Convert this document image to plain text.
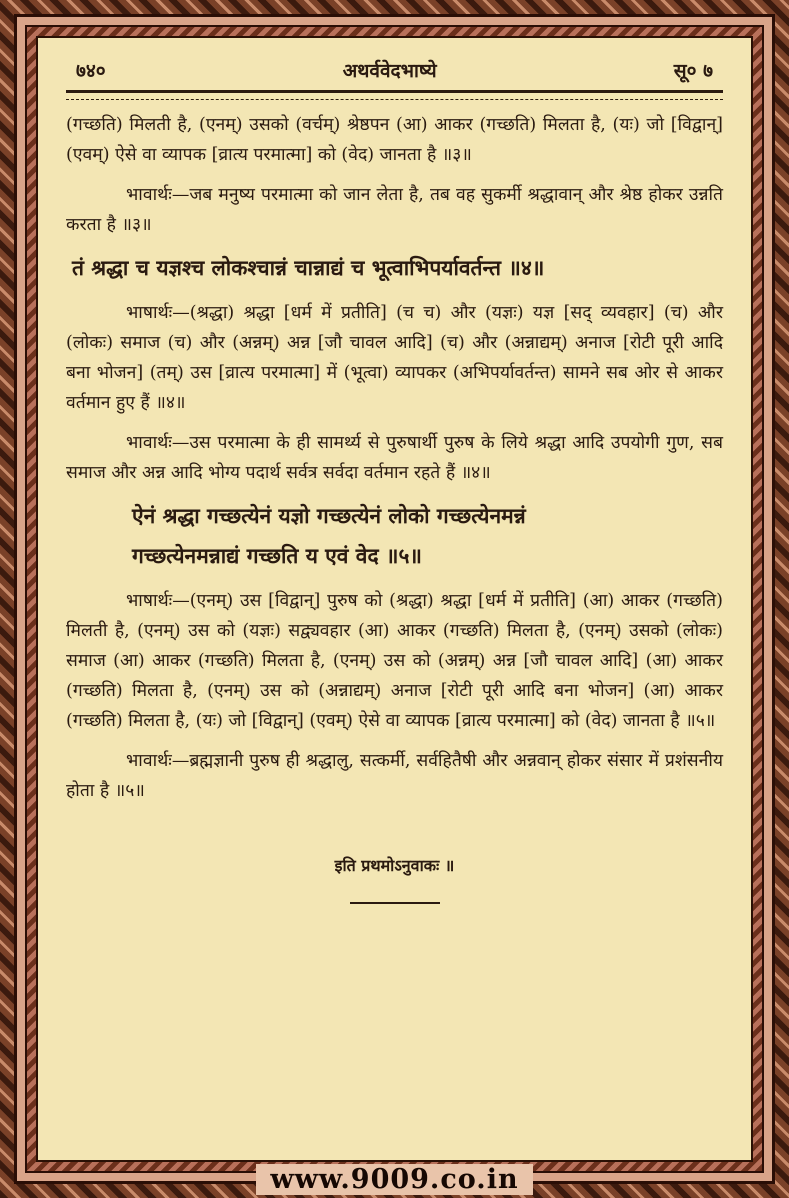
७४०	अथर्ववेदभाष्ये	सू० ७

(गच्छति) मिलती है, (एनम्) उसको (वर्चम्) श्रेष्ठपन (आ) आकर (गच्छति) मिलता है, (यः) जो [विद्वान्] (एवम्) ऐसे वा व्यापक [व्रात्य परमात्मा] को (वेद) जानता है ॥३॥

भावार्थः—जब मनुष्य परमात्मा को जान लेता है, तब वह सुकर्मी श्रद्धावान् और श्रेष्ठ होकर उन्नति करता है ॥३॥

तं श्रद्धा च यज्ञश्च लोकश्चान्नं चान्नाद्यं च भूत्वाभिपर्यावर्तन्त ॥४॥

भाषार्थः—(श्रद्धा) श्रद्धा [धर्म में प्रतीति] (च च) और (यज्ञः) यज्ञ [सद् व्यवहार] (च) और (लोकः) समाज (च) और (अन्नम्) अन्न [जौ चावल आदि] (च) और (अन्नाद्यम्) अनाज [रोटी पूरी आदि बना भोजन] (तम्) उस [व्रात्य परमात्मा] में (भूत्वा) व्यापकर (अभिपर्यावर्तन्त) सामने सब ओर से आकर वर्तमान हुए हैं ॥४॥

भावार्थः—उस परमात्मा के ही सामर्थ्य से पुरुषार्थी पुरुष के लिये श्रद्धा आदि उपयोगी गुण, सब समाज और अन्न आदि भोग्य पदार्थ सर्वत्र सर्वदा वर्तमान रहते हैं ॥४॥

ऐनं श्रद्धा गच्छत्येनं यज्ञो गच्छत्येनं लोको गच्छत्येनमन्नं

गच्छत्येनमन्नाद्यं गच्छति य एवं वेद ॥५॥

भाषार्थः—(एनम्) उस [विद्वान्] पुरुष को (श्रद्धा) श्रद्धा [धर्म में प्रतीति] (आ) आकर (गच्छति) मिलती है, (एनम्) उस को (यज्ञः) सद्व्यवहार (आ) आकर (गच्छति) मिलता है, (एनम्) उसको (लोकः) समाज (आ) आकर (गच्छति) मिलता है, (एनम्) उस को (अन्नम्) अन्न [जौ चावल आदि] (आ) आकर (गच्छति) मिलता है, (एनम्) उस को (अन्नाद्यम्) अनाज [रोटी पूरी आदि बना भोजन] (आ) आकर (गच्छति) मिलता है, (यः) जो [विद्वान्] (एवम्) ऐसे वा व्यापक [व्रात्य परमात्मा] को (वेद) जानता है ॥५॥

भावार्थः—ब्रह्मज्ञानी पुरुष ही श्रद्धालु, सत्कर्मी, सर्वहितैषी और अन्नवान् होकर संसार में प्रशंसनीय होता है ॥५॥

इति प्रथमोऽनुवाकः ॥

www.9009.co.in
